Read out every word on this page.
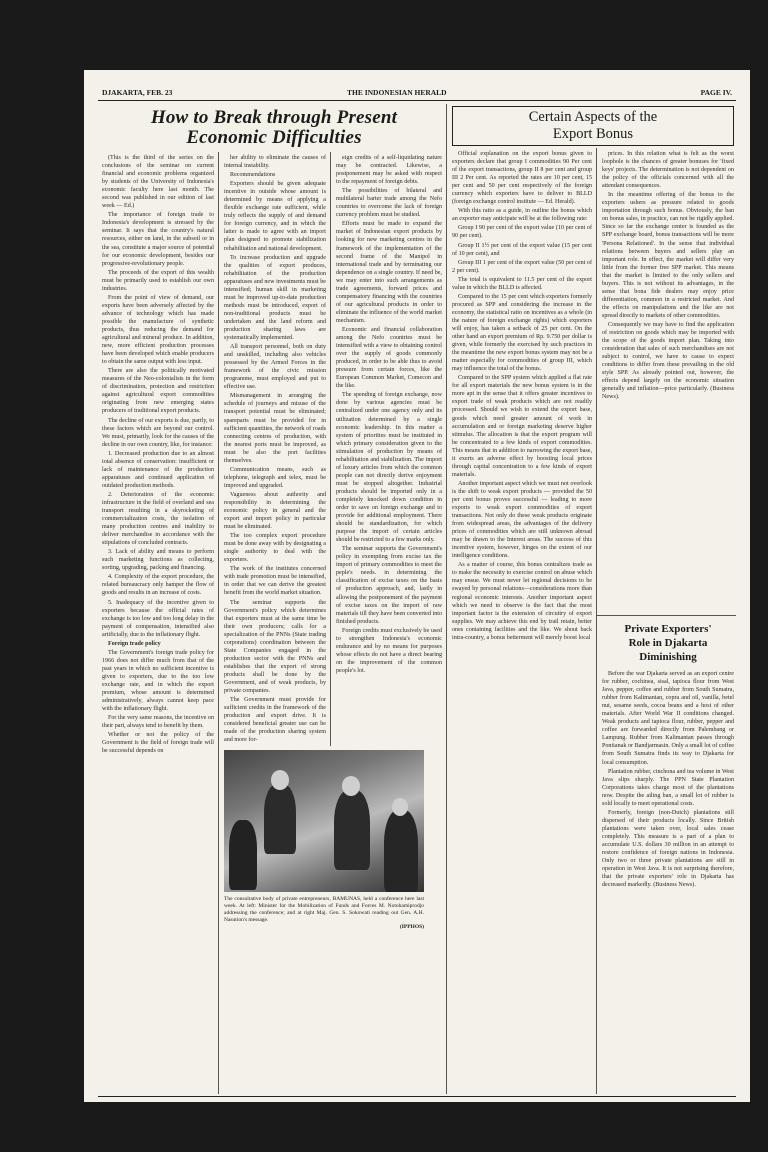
DJAKARTA, FEB. 23	THE INDONESIAN HERALD	PAGE IV.
How to Break through Present
Economic Difficulties
Certain Aspects of the
Export Bonus

(This is the third of the series on the conclusions of the seminar on current financial and economic problems organized by students of the University of Indonesia's economic faculty here last month. The second was published in our edition of last week — Ed.)

The importance of foreign trade to Indonesia's development is stressed by the seminar. It says that the country's natural resources, either on land, in the subsoil or in the sea, constitute a major source of potential for our economic development, besides our progressive-revolutionary people.

The proceeds of the export of this wealth must be primarily used to establish our own industries.

From the point of view of demand, our exports have been adversely affected by the advance of technology which has made possible the manufacture of synthetic products, thus reducing the demand for agricultural and mineral produce. In addition, new, more efficient production processes have been developed which enable producers to obtain the same output with less input.

There are also the politically motivated measures of the Neo-colonialists in the form of discrimination, protection and restriction against agricultural export commodities originating from new emerging states producers of traditional export products.

The decline of our exports is due, partly, to these factors which are beyond our control. We must, primarily, look for the causes of the decline in our own country, like, for instance:

1. Decreased production due to an almost total absence of conservation: insufficient or lack of maintenance of the production apparatuses and continued application of outdated production methods.

2. Deterioration of the economic infrastructure in the field of overland and sea transport resulting in a skyrocketing of commercialization costs, the isolation of many production centres and inability to deliver merchandise in accordance with the stipulations of concluded contracts.

3. Lack of ability and means to perform such marketing functions as collecting, sorting, upgrading, packing and financing.

4. Complexity of the export procedure, the related bureaucracy only hamper the flow of goods and results in an increase of costs.

5. Inadequacy of the incentive given to exporters because the official rates of exchange is too low and too long delay in the payment of compensation, intensified also artificially, due to the inflationary flight.

Foreign trade policy

The Government's foreign trade policy for 1966 does not differ much from that of the past years in which no sufficient incentive is given to exporters, due to the too low exchange rate, and in which the export premium, whose amount is determined administratively, always cannot keep pace with the inflationary flight.

For the very same reasons, the incentive on their part, always tend to benefit by them.

Whether or not the policy of the Government is the field of foreign trade will be successful depends on

her ability to eliminate the causes of internal instability.

Recommendations

Exporters should be given adequate incentive in outside whose amount is determined by means of applying a flexible exchange rate sufficient, while truly reflects the supply of and demand for foreign currency, and in which the latter is made to agree with an import plan designed to promote stabilization rehabilitation and national development.

To increase production and upgrade the qualities of export produces, rehabilitation of the production apparatuses and new investments must be intensified; human skill in marketing must be improved up-to-date production methods must be introduced, export of non-traditional products must be undertaken and the land reform and production sharing laws are systematically implemented.

All transport personnel, both on duty and unskilled, including also vehicles possessed by the Armed Forces in the framework of the civic mission programme, must employed and put to effective use.

Mismanagement in arranging the schedule of journeys and misuse of the transport potential must be eliminated; spareparts must be provided for in sufficient quantities, the network of roads connecting centres of production, with the nearest ports must be improved, as must be also the port facilities themselves.

Communication means, such as telephone, telegraph and telex, must be improved and upgraded.

Vagueness about authority and responsibility in determining the economic policy in general and the export and import policy in particular must be eliminated.

The too complex export procedure must be done away with by designating a single authority to deal with the exporters.

The work of the institutes concerned with trade promotion must be intensified, in order that we can derive the greatest benefit from the world market situation.

The seminar supports the Government's policy which determines that exporters must at the same time be their own producers; calls for a specialization of the PNNs (State trading corporations) coordination between the State Companies engaged in the production sector with the PNNs and establishes that the export of strong products shall be done by the Government, and of weak products, by private companies.

The Government must provide for sufficient credits in the framework of the production and export drive. It is considered beneficial greater use can be made of the production sharing system and more for-

eign credits of a self-liquidating nature may be contracted. Likewise, a postponement may be asked with respect to the repayment of foreign debts.

The possibilities of bilateral and multilateral barter trade among the Nefo countries to overcome the lack of foreign currency problem must be studied.

Efforts must be made to expand the market of Indonesian export products by looking for new marketing centres in the framework of the implementation of the second frame of the Manipol in international trade and by terminating our dependence on a single country. If need be, we may enter into such arrangements as trade agreements, forward prices and compensatory financing with the countries of our agricultural products in order to eliminate the influence of the world market mechanism.

Economic and financial collaboration among the Nefo countries must be intensified with a view to obtaining control over the supply of goods commonly produced, in order to be able thus to avoid pressure from certain forces, like the European Common Market, Comecon and the like.

The spending of foreign exchange, now done by various agencies must be centralized under one agency only and its utilization determined by a single economic leadership. In this matter a system of priorities must be instituted in which primary consideration given to the stimulation of production by means of rehabilitation and stabilization. The import of luxury articles from which the common people can not directly derive enjoyment must be stopped altogether. Industrial products should be imported only in a completely knocked down condition in order to save on foreign exchange and to provide for additional employment. There should be standardization, for which purpose the import of certain articles should be restricted to a few marks only.

The seminar supports the Government's policy in exempting from excise tax the import of primary commodities to meet the peple's needs. in determining the classification of excise taxes on the basis of production approach, and, lastly in allowing the postponement of the payment of excise taxes on the import of raw materials till they have been converted into finished products.

Foreign credits must exclusively be used to strengthen Indonesia's economic endurance and by no means for purposes whose effects do not have a direct bearing on the improvement of the common people's lot.

The consultative body of private entrepreneurs, BAMUNAS, held a conference here last week. At left: Minister for the Mobilization of Funds and Forces M. Notohamiprodjo addressing the conference; and at right Maj. Gen. S. Sokowati reading out Gen. A.H. Nasution's message.
(IPPHOS)

Official explanation on the export bonus given to exporters declare that group I commodities 90 Per cent of the export transactions, group II 8 per cent and group III 2 Per cent. As reported the rates are 10 per cent, 15 per cent and 50 per cent respectively of the foreign currency which exporters have to deliver to BLLD (foreign exchange control institute — Ed. Herald).

With this ratio as a guide, in outline the bonus which an exporter may anticipate will be at the following rate:

Group I 90 per cent of the export value (10 per cent of 90 per cent).

Group II 1½ per cent of the export value (15 per cent of 10 per cent), and

Group III 1 per cent of the export value (50 per cent of 2 per cent).

The total is equivalent to 11.5 per cent of the export value in which the BLLD is affected.

Compared to the 15 per cent which exporters formerly procured as SPP and considering the increase in the economy, the statistical ratio on incentives as a whole (in the nature of foreign exchange rights) which exporters will enjoy, has taken a setback of 25 per cent. On the other hand an export premium of Rp. 9.750 per dollar is given, while formerly the exercised by such practices in the meantime the new export bonus system may not be a matter especially for commodities of group III, which may influence the total of the bonus.

Compared to the SPP system which applied a flat rate for all export materials the new bonus system is in the more apt in the sense that it offers greater incentives to export trade of weak products which are not readily processed. Should we wish to extend the export base, goods which need greater amount of work in accumulation and or foreign marketing deserve higher stimulus. The allocation is that the export program will be concentrated to a few kinds of export commodities. This means that in addition to narrowing the export base, it exerts an adverse effect by boosting local prices through capital concentration to a few kinds of export materials.

Another important aspect which we must not overlook is the shift to weak export products — provided the 50 per cent bonus proves successful — leading to more exports to weak export commodities of export transactions. Not only do these weak products originate from widespread areas, the advantages of the delivery prices of commodities which are still unknown abroad may be drawn to the Interest areas. The success of this incentive system, however, hinges on the extent of our intelligence conditions.

As a matter of course, this bonus centralizes trade as to make the necessity to exercise control on abuse which may ensue. We must never let regional decisions to be swayed by personal relations—considerations more than regional economic interests. Another important aspect which we need to observe is the fact that the most important factor is the extension of circuitry of export supplies. We may achieve this end by trail retain, better ones containing facilities and the like. We shout back intra-country, a bonus betterment will merely boost local

prices. In this relation what is felt as the worst loophole is the chances of greater bonuses for 'fixed keys' projects. The determination is not dependent on the policy of the officials concerned with all the attendant consequences.

In the meantime offering of the bonus to the exporters ushers as pressure related to goods importation through such bonus. Obviously, the ban on bonus sales, in practice, can not be rigidly applied. Since so far the exchange center is founded as the SPP exchange board, bonus transactions will be more 'Persona Relationed'. In the sense that individual relations between buyers and sellers play an important role. In effect, the market will differ very little from the former free SPP market. This means that the market is limited to the only sellers and buyers. This is not without its advantages, in the sense that bona fide dealers may enjoy price differentiation, common in a restricted market. And the effects on manipulations and the like are not spread directly to markets of other commodities.

Consequently we may have to find the application of restriction on goods which may be imported with the scope of the goods import plan. Taking into consideration that sales of such merchandises are not subject to control, we have to cause to expect conditions to differ from these prevailing in the old style SPP. As already pointed out, however, the effects depend largely on the economic situation generally and inflation—price particularly. (Business News).

Private Exporters'
Role in Djakarta
Diminishing

Before the war Djakarta served as an export centre for rubber, cochinea, sisal, tapioca flour from West Java, pepper, coffee and rubber from South Sumatra, rubber from Kalimantan, copra and oil, vanilla, betel nut, sesame seeds, cocoa beans and a host of other materials. After World War II conditions changed. Weak products and tapioca flour, rubber, pepper and coffee are forwarded directly from Palembang or Lampung. Rubber from Kalimantan passes through Pontianak or Bandjarmasin. Only a small lot of coffee from South Sumatra finds its way to Djakarta for local consumption.

Plantation rubber, cinchona and tea volume in West Java slips sharply. The PPN State Plantation Corporations takes charge most of the plantations now. Despite the ailing ban, a small lot of rubber is sold locally to meet operational costs.

Formerly, foreign (non-Dutch) plantations still dispersed of their products locally. Since British plantations were taken over, local sales cease completely. This measure is a part of a plan to accumulate U.S. dollars 30 million in an attempt to restore confidence of foreign nations in Indonesia. Only two or three private plantations are still in operation in West Java. It is not surprising therefore, that the private exporters' role in Djakarta has decreased markedly. (Business News).
